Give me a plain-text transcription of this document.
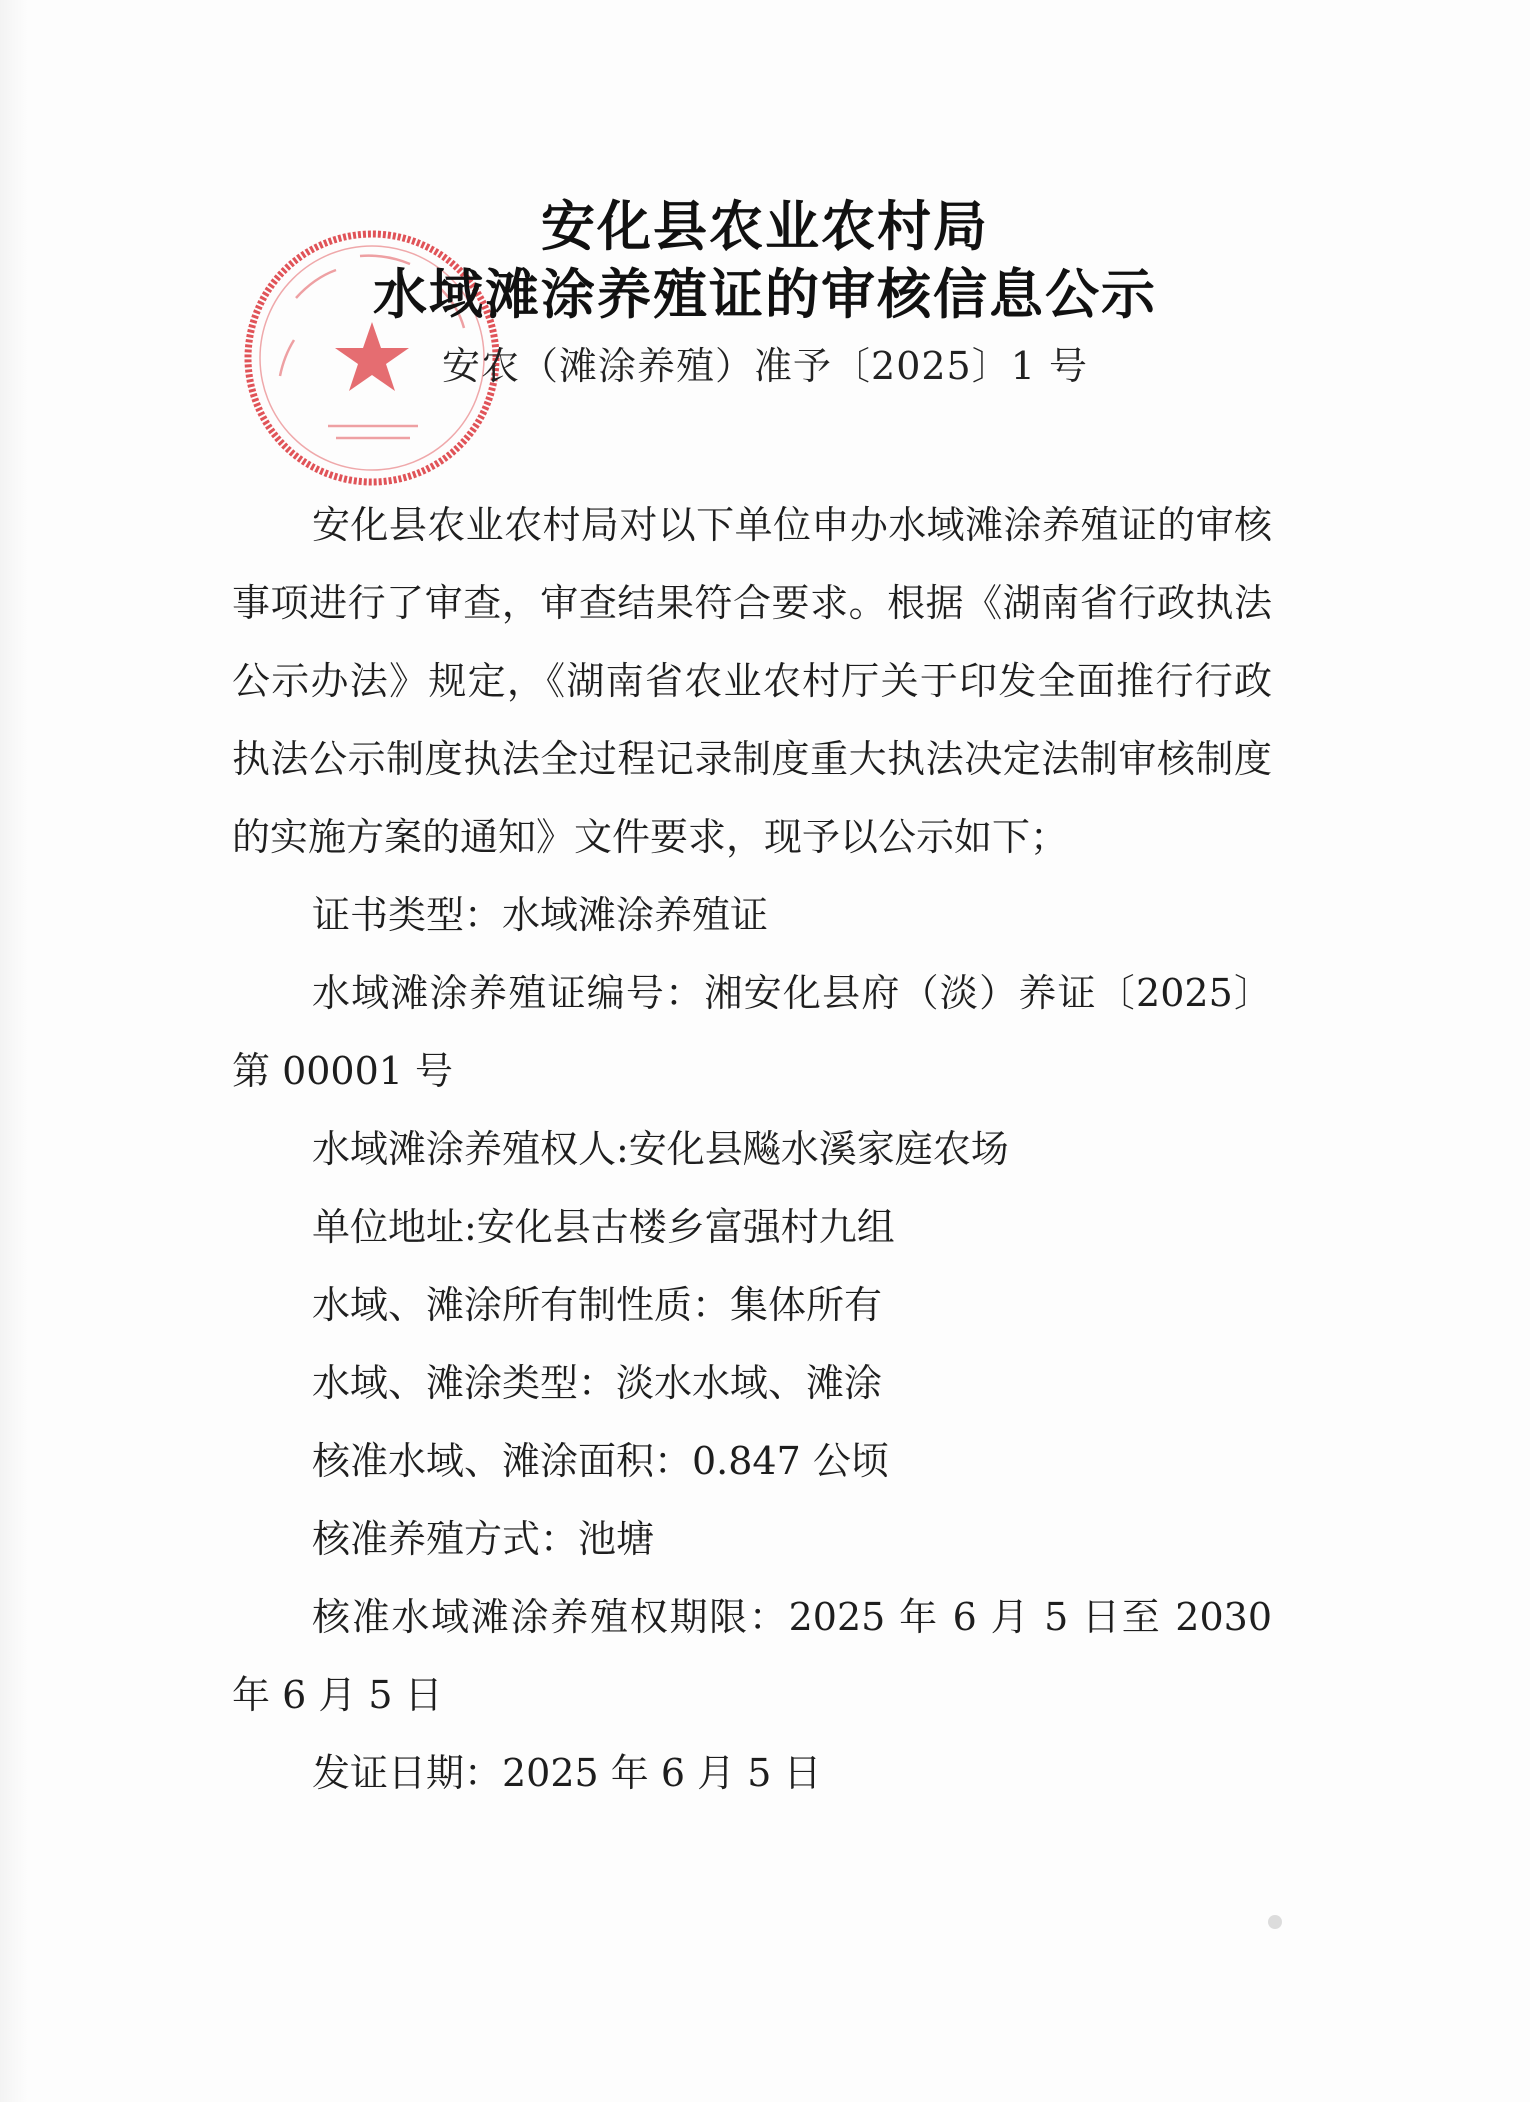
安化县农业农村局
水域滩涂养殖证的审核信息公示
安农（滩涂养殖）准予〔2025〕1 号

安化县农业农村局对以下单位申办水域滩涂养殖证的审核事项进行了审查，审查结果符合要求。根据《湖南省行政执法公示办法》规定，《湖南省农业农村厅关于印发全面推行行政执法公示制度执法全过程记录制度重大执法决定法制审核制度的实施方案的通知》文件要求，现予以公示如下；

证书类型：水域滩涂养殖证

水域滩涂养殖证编号：湘安化县府（淡）养证〔2025〕第 00001 号

水域滩涂养殖权人:安化县飚水溪家庭农场

单位地址:安化县古楼乡富强村九组

水域、滩涂所有制性质：集体所有

水域、滩涂类型：淡水水域、滩涂

核准水域、滩涂面积：0.847 公顷

核准养殖方式：池塘

核准水域滩涂养殖权期限：2025 年 6 月 5 日至 2030 年 6 月 5 日

发证日期：2025 年 6 月 5 日
